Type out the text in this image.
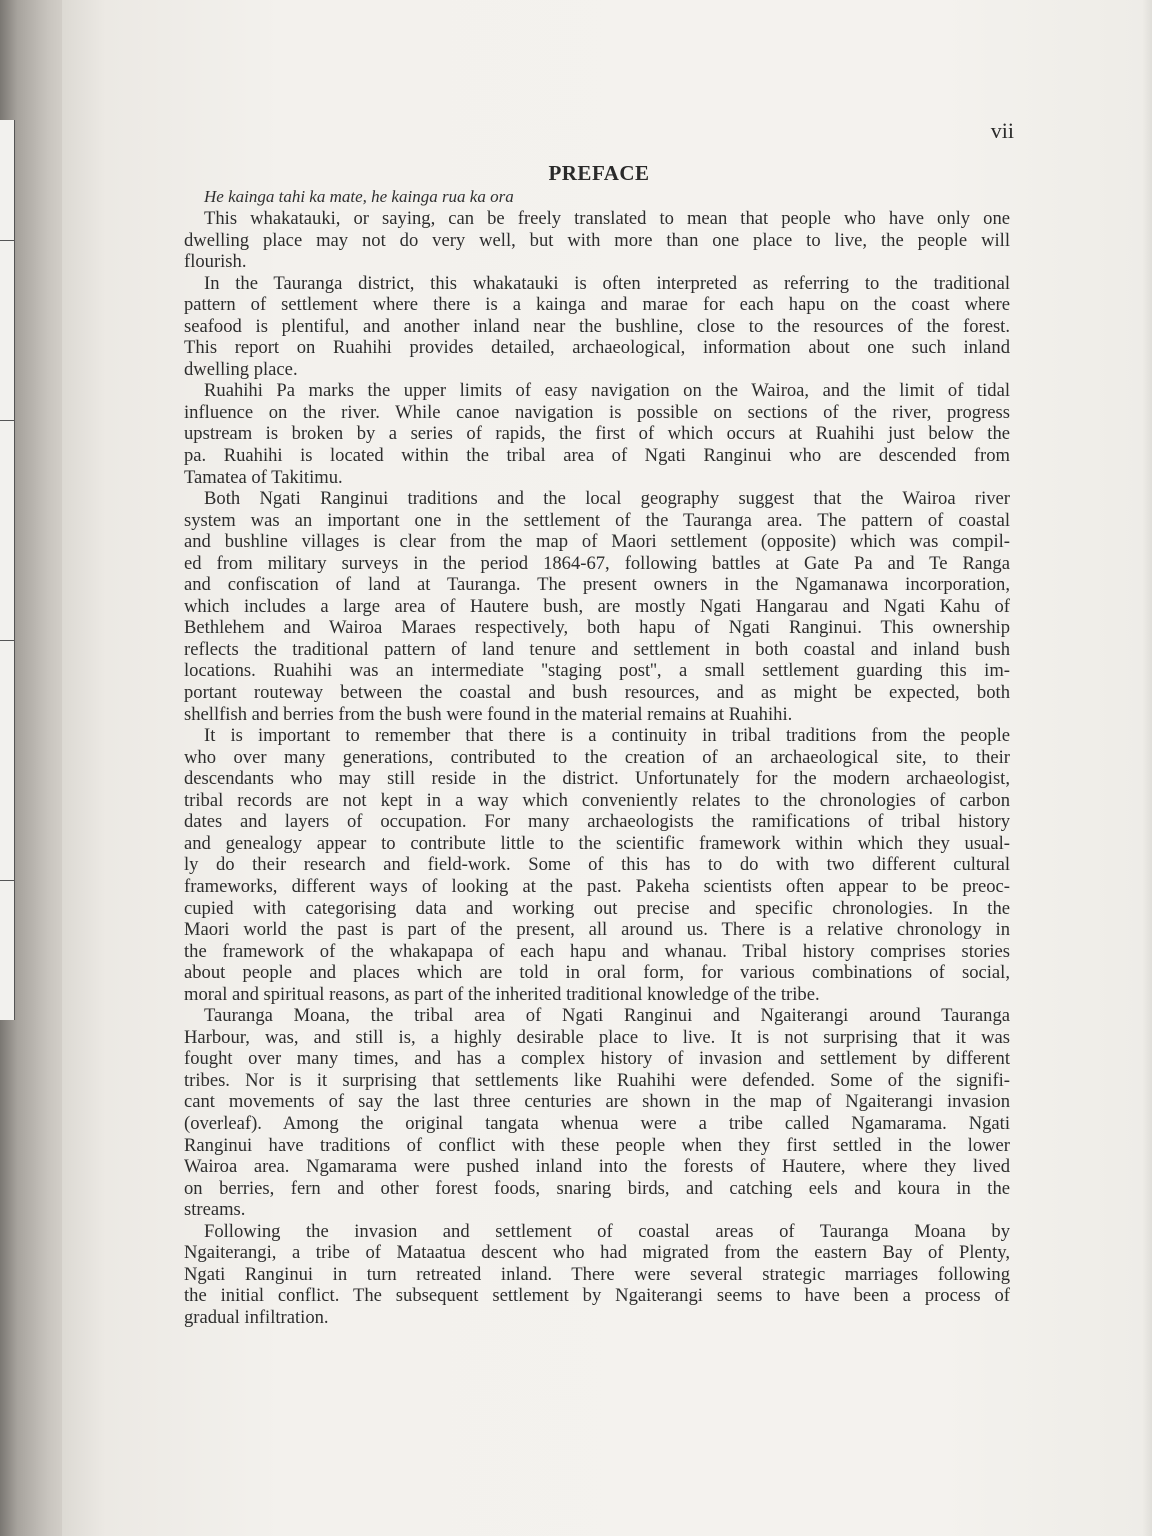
vii
PREFACE
He kainga tahi ka mate, he kainga rua ka ora
This whakatauki, or saying, can be freely translated to mean that people who have only one
dwelling place may not do very well, but with more than one place to live, the people will
flourish.
In the Tauranga district, this whakatauki is often interpreted as referring to the traditional
pattern of settlement where there is a kainga and marae for each hapu on the coast where
seafood is plentiful, and another inland near the bushline, close to the resources of the forest.
This report on Ruahihi provides detailed, archaeological, information about one such inland
dwelling place.
Ruahihi Pa marks the upper limits of easy navigation on the Wairoa, and the limit of tidal
influence on the river. While canoe navigation is possible on sections of the river, progress
upstream is broken by a series of rapids, the first of which occurs at Ruahihi just below the
pa. Ruahihi is located within the tribal area of Ngati Ranginui who are descended from
Tamatea of Takitimu.
Both Ngati Ranginui traditions and the local geography suggest that the Wairoa river
system was an important one in the settlement of the Tauranga area. The pattern of coastal
and bushline villages is clear from the map of Maori settlement (opposite) which was compil-
ed from military surveys in the period 1864-67, following battles at Gate Pa and Te Ranga
and confiscation of land at Tauranga. The present owners in the Ngamanawa incorporation,
which includes a large area of Hautere bush, are mostly Ngati Hangarau and Ngati Kahu of
Bethlehem and Wairoa Maraes respectively, both hapu of Ngati Ranginui. This ownership
reflects the traditional pattern of land tenure and settlement in both coastal and inland bush
locations. Ruahihi was an intermediate ''staging post'', a small settlement guarding this im-
portant routeway between the coastal and bush resources, and as might be expected, both
shellfish and berries from the bush were found in the material remains at Ruahihi.
It is important to remember that there is a continuity in tribal traditions from the people
who over many generations, contributed to the creation of an archaeological site, to their
descendants who may still reside in the district. Unfortunately for the modern archaeologist,
tribal records are not kept in a way which conveniently relates to the chronologies of carbon
dates and layers of occupation. For many archaeologists the ramifications of tribal history
and genealogy appear to contribute little to the scientific framework within which they usual-
ly do their research and field-work. Some of this has to do with two different cultural
frameworks, different ways of looking at the past. Pakeha scientists often appear to be preoc-
cupied with categorising data and working out precise and specific chronologies. In the
Maori world the past is part of the present, all around us. There is a relative chronology in
the framework of the whakapapa of each hapu and whanau. Tribal history comprises stories
about people and places which are told in oral form, for various combinations of social,
moral and spiritual reasons, as part of the inherited traditional knowledge of the tribe.
Tauranga Moana, the tribal area of Ngati Ranginui and Ngaiterangi around Tauranga
Harbour, was, and still is, a highly desirable place to live. It is not surprising that it was
fought over many times, and has a complex history of invasion and settlement by different
tribes. Nor is it surprising that settlements like Ruahihi were defended. Some of the signifi-
cant movements of say the last three centuries are shown in the map of Ngaiterangi invasion
(overleaf). Among the original tangata whenua were a tribe called Ngamarama. Ngati
Ranginui have traditions of conflict with these people when they first settled in the lower
Wairoa area. Ngamarama were pushed inland into the forests of Hautere, where they lived
on berries, fern and other forest foods, snaring birds, and catching eels and koura in the
streams.
Following the invasion and settlement of coastal areas of Tauranga Moana by
Ngaiterangi, a tribe of Mataatua descent who had migrated from the eastern Bay of Plenty,
Ngati Ranginui in turn retreated inland. There were several strategic marriages following
the initial conflict. The subsequent settlement by Ngaiterangi seems to have been a process of
gradual infiltration.
